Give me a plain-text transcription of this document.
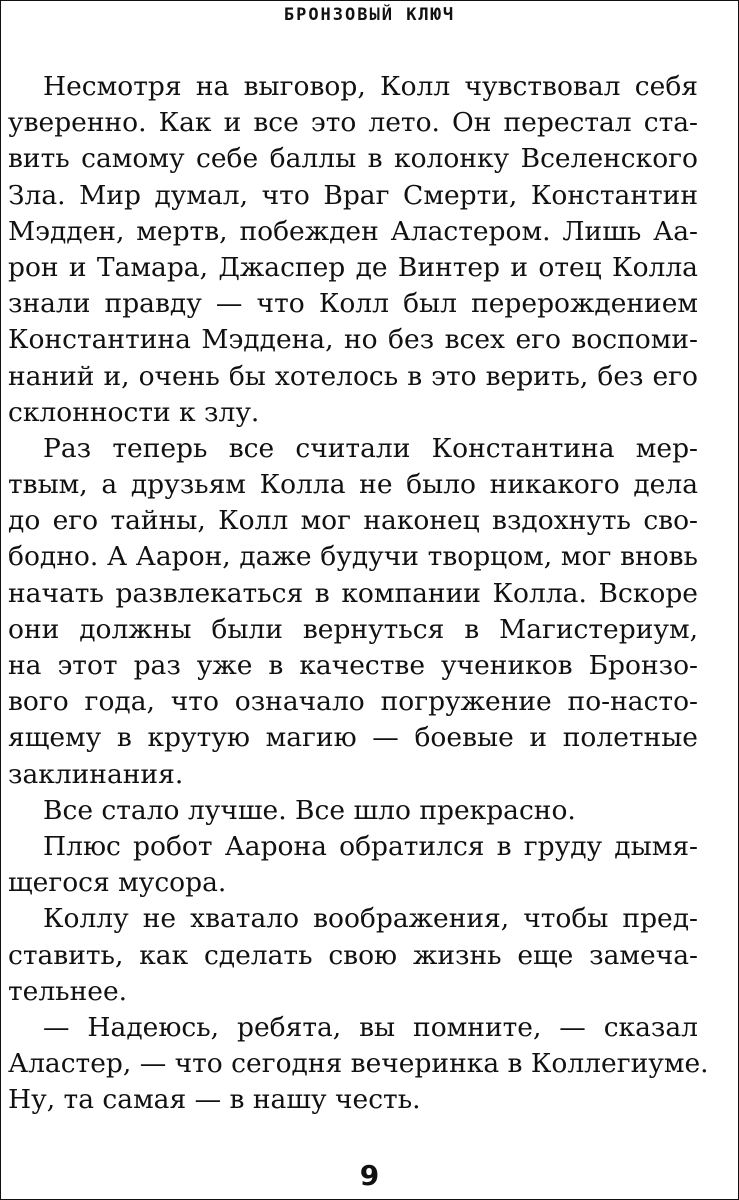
БРОНЗОВЫЙ КЛЮЧ
Несмотря на выговор, Колл чувствовал себя
уверенно. Как и все это лето. Он перестал ста-
вить самому себе баллы в колонку Вселенского
Зла. Мир думал, что Враг Смерти, Константин
Мэдден, мертв, побежден Аластером. Лишь Аа-
рон и Тамара, Джаспер де Винтер и отец Колла
знали правду — что Колл был перерождением
Константина Мэддена, но без всех его воспоми-
наний и, очень бы хотелось в это верить, без его
склонности к злу.
Раз теперь все считали Константина мер-
твым, а друзьям Колла не было никакого дела
до его тайны, Колл мог наконец вздохнуть сво-
бодно. А Аарон, даже будучи творцом, мог вновь
начать развлекаться в компании Колла. Вскоре
они должны были вернуться в Магистериум,
на этот раз уже в качестве учеников Бронзо-
вого года, что означало погружение по-насто-
ящему в крутую магию — боевые и полетные
заклинания.
Все стало лучше. Все шло прекрасно.
Плюс робот Аарона обратился в груду дымя-
щегося мусора.
Коллу не хватало воображения, чтобы пред-
ставить, как сделать свою жизнь еще замеча-
тельнее.
— Надеюсь, ребята, вы помните, — сказал
Аластер, — что сегодня вечеринка в Коллегиуме.
Ну, та самая — в нашу честь.
9
